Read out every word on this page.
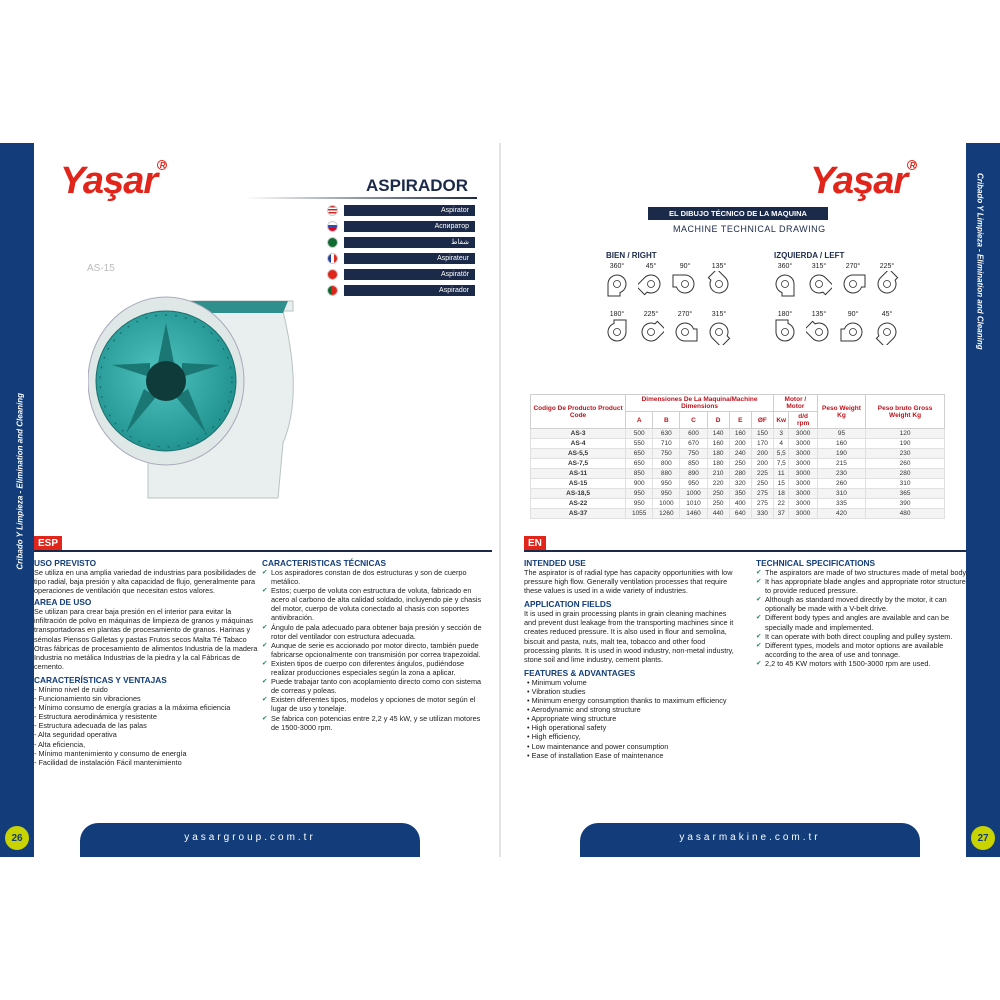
Cribado Y Limpieza - Elimination and Cleaning
26
Cribado Y Limpieza - Elimination and Cleaning
27
Yaşar $^R$
ASPIRADOR
Aspirator
Аспиратор
شفاط
Aspirateur
Aspiratör
Aspirador
AS-15
Yaşar $^R$
EL DIBUJO TÉCNICO DE LA MAQUINA
MACHINE TECHNICAL DRAWING
BIEN / RIGHT	IZQUIERDA / LEFT
360°	45°	90°	135°
180°	225°	270°	315°
360°	315°	270°	225°
180°	135°	90°	45°
Codigo De Producto Product Code	Dimensiones De La Maquina/Machine Dimensions						Motor / Motor		Peso Weight Kg	Peso bruto Gross Weight Kg
	A	B	C	D	E	ØF	Kw	d/d rpm		
AS-3	500	630	600	140	160	150	3	3000	95	120
AS-4	550	710	670	160	200	170	4	3000	160	190
AS-5,5	650	750	750	180	240	200	5,5	3000	190	230
AS-7,5	650	800	850	180	250	200	7,5	3000	215	260
AS-11	850	880	890	210	280	225	11	3000	230	280
AS-15	900	950	950	220	320	250	15	3000	260	310
AS-18,5	950	950	1000	250	350	275	18	3000	310	365
AS-22	950	1000	1010	250	400	275	22	3000	335	390
AS-37	1055	1260	1460	440	640	330	37	3000	420	480
ESP	EN
USO PREVISTO

Se utiliza en una amplia variedad de industrias para posibilidades de tipo radial, baja presión y alta capacidad de flujo, generalmente para operaciones de ventilación que necesitan estos valores.

AREA DE USO

Se utilizan para crear baja presión en el interior para evitar la infiltración de polvo en máquinas de limpieza de granos y máquinas transportadoras en plantas de procesamiento de granos. Harinas y sémolas Piensos Galletas y pastas Frutos secos Malta Té Tabaco Otras fábricas de procesamiento de alimentos Industria de la madera Industria no metálica Industrias de la piedra y la cal Fábricas de cemento.

CARACTERÍSTICAS Y VENTAJAS
- Mínimo nivel de ruido
- Funcionamiento sin vibraciones
- Mínimo consumo de energía gracias a la máxima eficiencia
- Estructura aerodinámica y resistente
- Estructura adecuada de las palas
- Alta seguridad operativa
- Alta eficiencia,
- Mínimo mantenimiento y consumo de energía
- Facilidad de instalación Fácil mantenimiento
CARACTERISTICAS TÉCNICAS
✔ Los aspiradores constan de dos estructuras y son de cuerpo metálico.
✔ Estos; cuerpo de voluta con estructura de voluta, fabricado en acero al carbono de alta calidad soldado, incluyendo pie y chasis del motor, cuerpo de voluta conectado al chasis con soportes antivibración.
✔ Ángulo de pala adecuado para obtener baja presión y sección de rotor del ventilador con estructura adecuada.
✔ Aunque de serie es accionado por motor directo, también puede fabricarse opcionalmente con transmisión por correa trapezoidal.
✔ Existen tipos de cuerpo con diferentes ángulos, pudiéndose realizar producciones especiales según la zona a aplicar.
✔ Puede trabajar tanto con acoplamiento directo como con sistema de correas y poleas.
✔ Existen diferentes tipos, modelos y opciones de motor según el lugar de uso y tonelaje.
✔ Se fabrica con potencias entre 2,2 y 45 kW, y se utilizan motores de 1500-3000 rpm.
INTENDED USE

The aspirator is of radial type has capacity opportunities with low pressure high flow. Generally ventilation processes that require these values is used in a wide variety of industries.

APPLICATION FIELDS

It is used in grain processing plants in grain cleaning machines and prevent dust leakage from the transporting machines since it creates reduced pressure. It is also used in flour and semolina, biscuit and pasta, nuts, malt tea, tobacco and other food processing plants. It is used in wood industry, non-metal industry, stone soil and lime industry, cement plants.

FEATURES & ADVANTAGES
• Minimum volume
• Vibration studies
• Minimum energy consumption thanks to maximum efficiency
• Aerodynamic and strong structure
• Appropriate wing structure
• High operational safety
• High efficiency,
• Low maintenance and power consumption
• Ease of installation Ease of maintenance
TECHNICAL SPECIFICATIONS
✔ The aspirators are made of two structures made of metal body.
✔ It has appropriate blade angles and appropriate rotor structure to provide reduced pressure.
✔ Although as standard moved directly by the motor, it can optionally be made with a V-belt drive.
✔ Different body types and angles are available and can be specially made and implemented.
✔ It can operate with both direct coupling and pulley system.
✔ Different types, models and motor options are available according to the area of use and tonnage.
✔ 2,2 to 45 KW motors with 1500-3000 rpm are used.
yasargroup.com.tr	yasarmakine.com.tr
